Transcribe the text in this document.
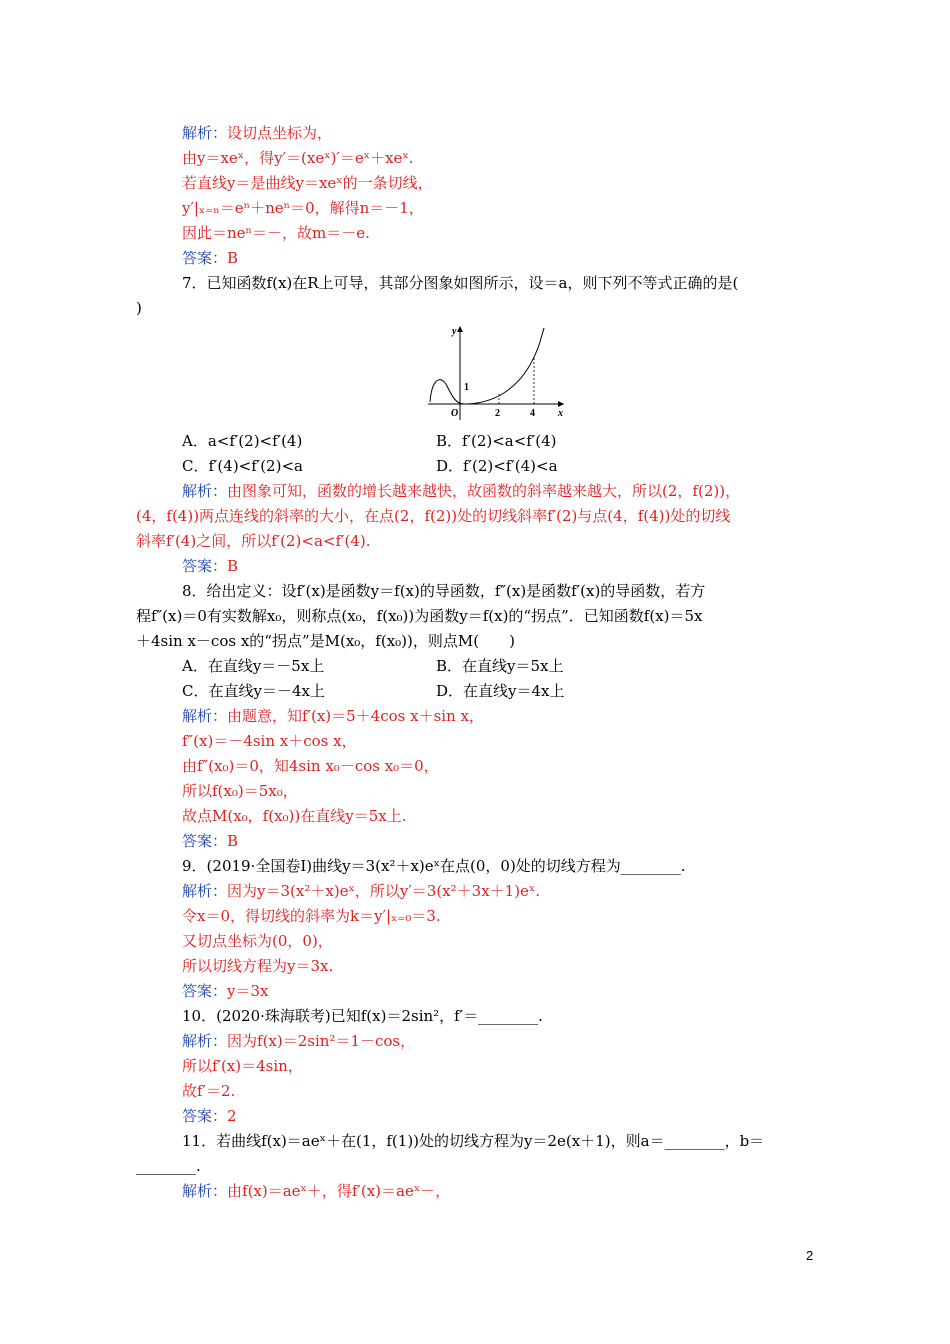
解析：设切点坐标为，
由y＝xeˣ，得y′＝(xeˣ)′＝eˣ＋xeˣ.
若直线y＝是曲线y＝xeˣ的一条切线，
y′|ₓ₌ₙ＝eⁿ＋neⁿ＝0，解得n＝－1，
因此＝neⁿ＝－，故m＝－e.
答案：B
7．已知函数f(x)在R上可导，其部分图象如图所示，设＝a，则下列不等式正确的是(
)
y
x
1
O	2	4
A．a<f′(2)<f′(4)	B．f′(2)<a<f′(4)
C．f′(4)<f′(2)<a	D．f′(2)<f′(4)<a
解析：由图象可知，函数的增长越来越快，故函数的斜率越来越大，所以(2，f(2))，
(4，f(4))两点连线的斜率的大小，在点(2，f(2))处的切线斜率f′(2)与点(4，f(4))处的切线
斜率f′(4)之间，所以f′(2)<a<f′(4).
答案：B
8．给出定义：设f′(x)是函数y＝f(x)的导函数，f″(x)是函数f′(x)的导函数，若方
程f″(x)＝0有实数解x₀，则称点(x₀，f(x₀))为函数y＝f(x)的“拐点”．已知函数f(x)＝5x
＋4sin x－cos x的“拐点”是M(x₀，f(x₀))，则点M(　　)
A．在直线y＝－5x上	B．在直线y＝5x上
C．在直线y＝－4x上	D．在直线y＝4x上
解析：由题意，知f′(x)＝5＋4cos x＋sin x，
f″(x)＝－4sin x＋cos x，
由f″(x₀)＝0，知4sin x₀－cos x₀＝0，
所以f(x₀)＝5x₀，
故点M(x₀，f(x₀))在直线y＝5x上.
答案：B
9．(2019·全国卷Ⅰ)曲线y＝3(x²＋x)eˣ在点(0，0)处的切线方程为________.
解析：因为y＝3(x²＋x)eˣ，所以y′＝3(x²＋3x＋1)eˣ.
令x＝0，得切线的斜率为k＝y′|ₓ₌₀＝3.
又切点坐标为(0，0)，
所以切线方程为y＝3x.
答案：y＝3x
10．(2020·珠海联考)已知f(x)＝2sin²，f′＝________.
解析：因为f(x)＝2sin²＝1－cos，
所以f′(x)＝4sin，
故f′＝2.
答案：2
11．若曲线f(x)＝aeˣ＋在(1，f(1))处的切线方程为y＝2e(x＋1)，则a＝________，b＝
________.
解析：由f(x)＝aeˣ＋，得f′(x)＝aeˣ－，
2
